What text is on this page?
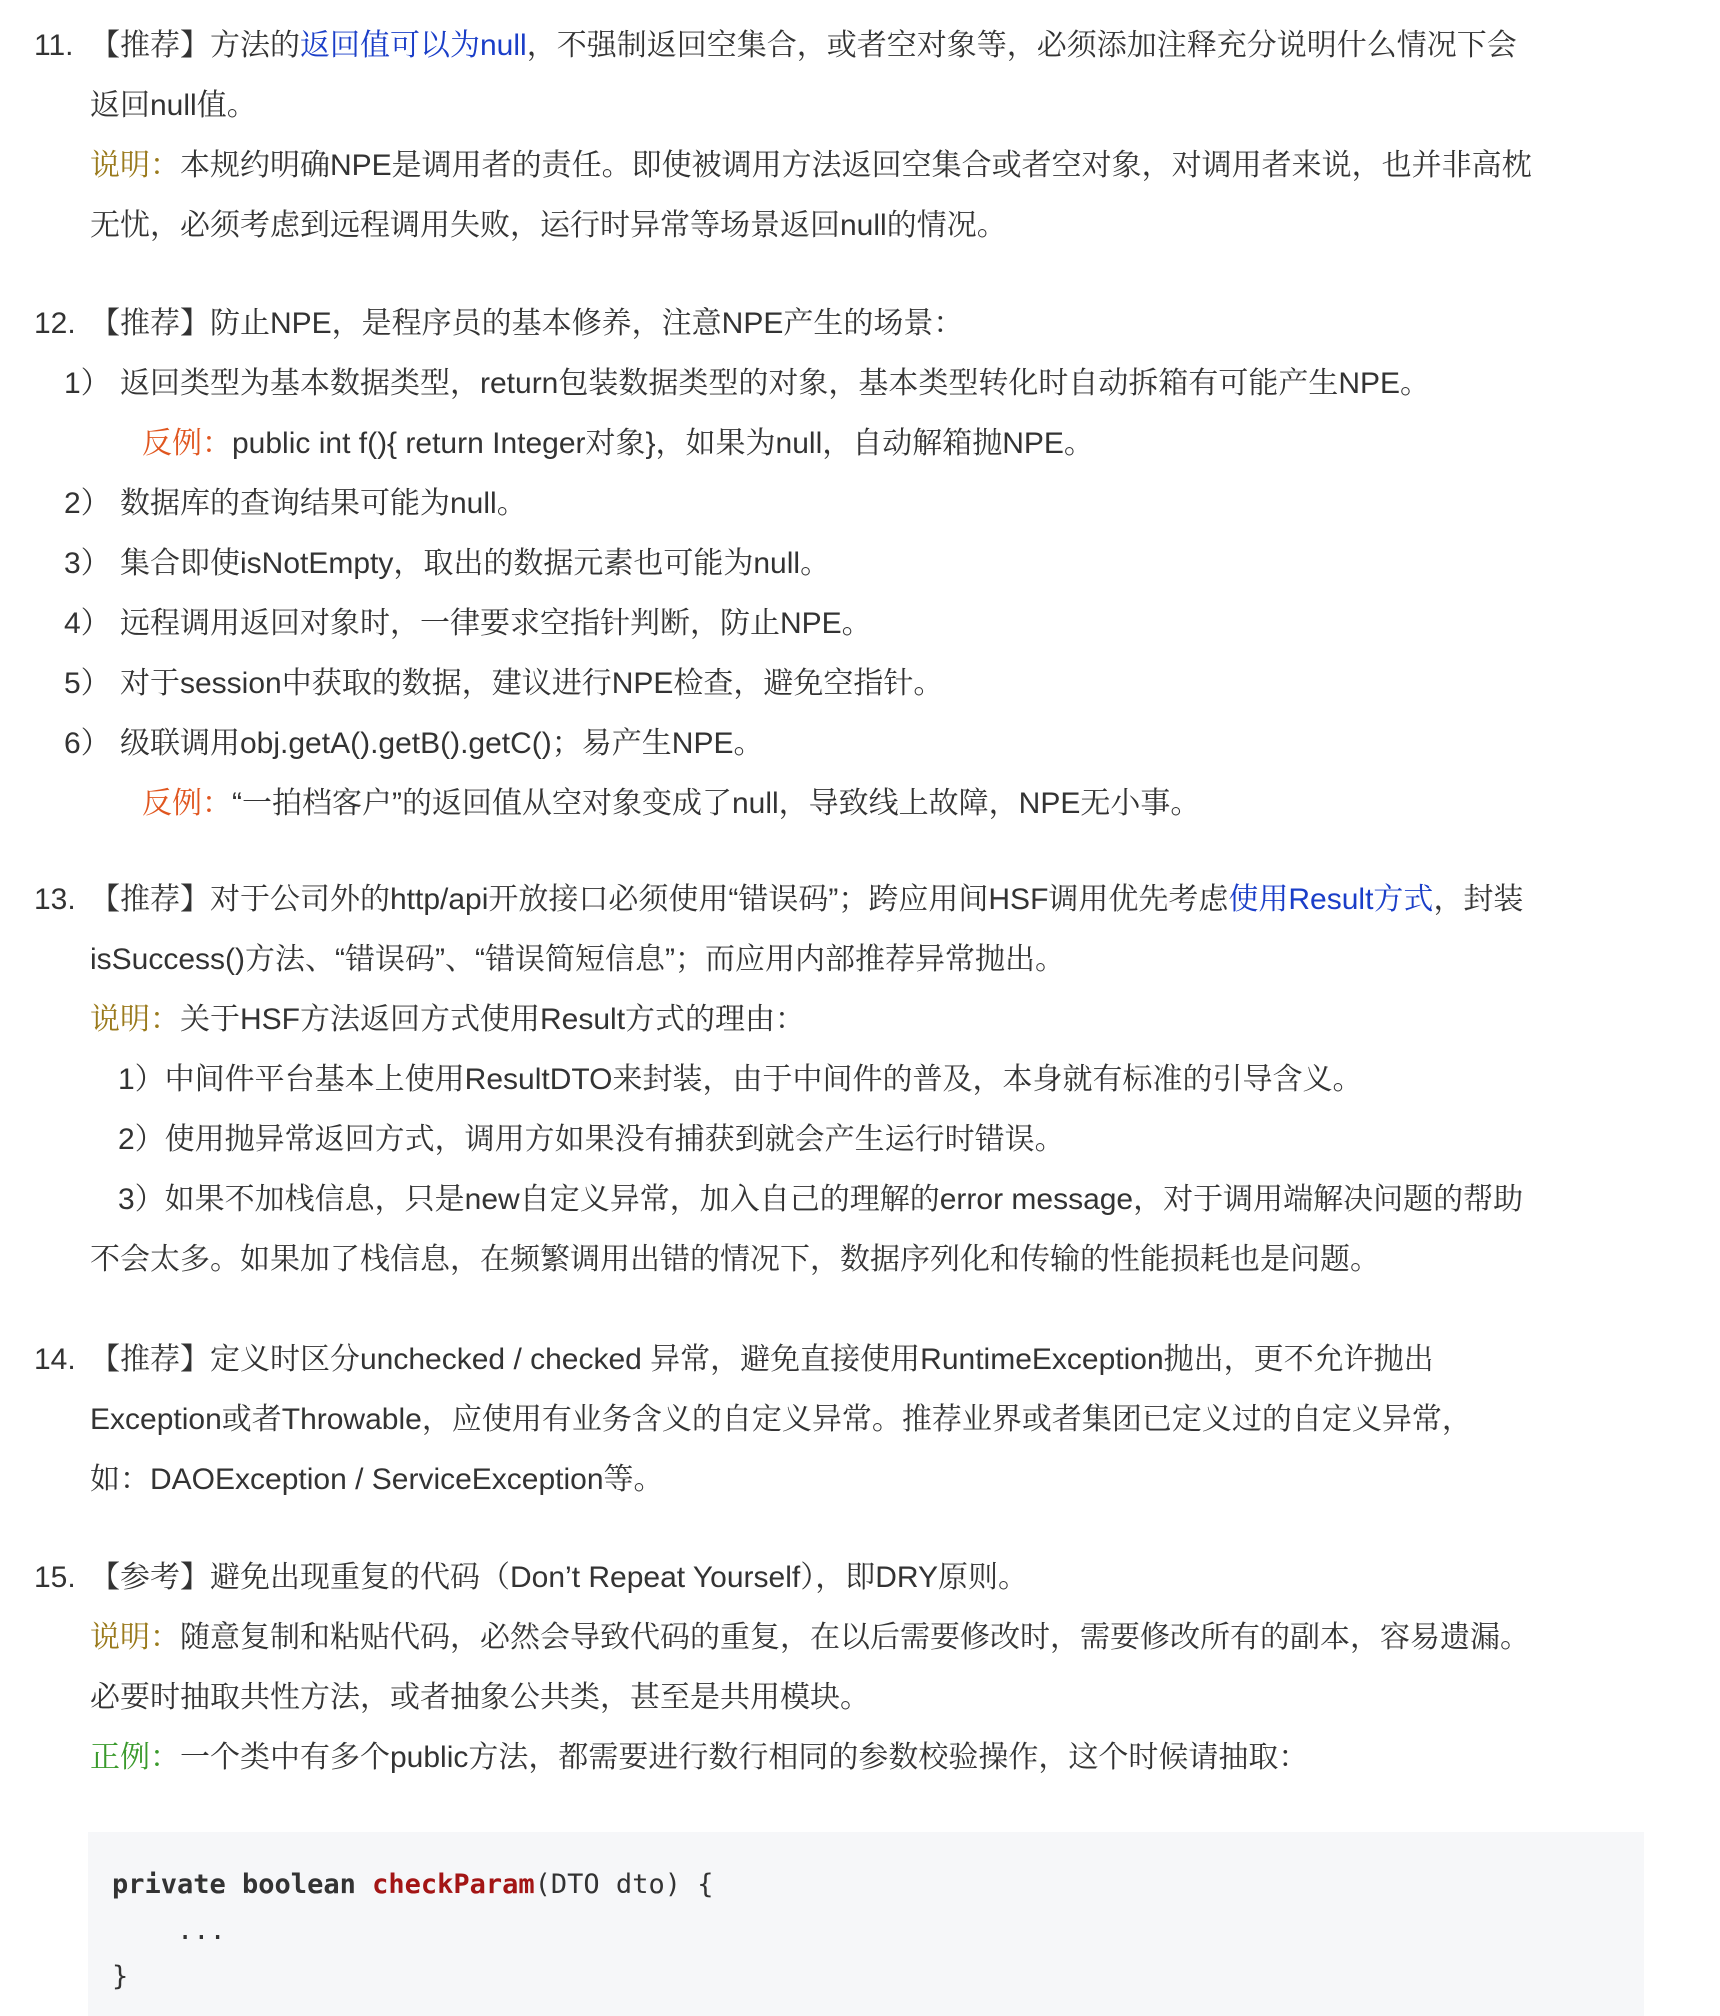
11. 【推荐】方法的返回值可以为null，不强制返回空集合，或者空对象等，必须添加注释充分说明什么情况下会
返回null值。
说明：本规约明确NPE是调用者的责任。即使被调用方法返回空集合或者空对象，对调用者来说，也并非高枕
无忧，必须考虑到远程调用失败，运行时异常等场景返回null的情况。
12. 【推荐】防止NPE，是程序员的基本修养，注意NPE产生的场景：
1） 返回类型为基本数据类型，return包装数据类型的对象，基本类型转化时自动拆箱有可能产生NPE。
反例：public int f(){ return Integer对象}，如果为null，自动解箱抛NPE。
2） 数据库的查询结果可能为null。
3） 集合即使isNotEmpty，取出的数据元素也可能为null。
4） 远程调用返回对象时，一律要求空指针判断，防止NPE。
5） 对于session中获取的数据，建议进行NPE检查，避免空指针。
6） 级联调用obj.getA().getB().getC()；易产生NPE。
反例：“一拍档客户”的返回值从空对象变成了null，导致线上故障，NPE无小事。
13. 【推荐】对于公司外的http/api开放接口必须使用“错误码”；跨应用间HSF调用优先考虑使用Result方式，封装
isSuccess()方法、“错误码”、“错误简短信息”；而应用内部推荐异常抛出。
说明：关于HSF方法返回方式使用Result方式的理由：
1）中间件平台基本上使用ResultDTO来封装，由于中间件的普及，本身就有标准的引导含义。
2）使用抛异常返回方式，调用方如果没有捕获到就会产生运行时错误。
3）如果不加栈信息，只是new自定义异常，加入自己的理解的error message，对于调用端解决问题的帮助
不会太多。如果加了栈信息，在频繁调用出错的情况下，数据序列化和传输的性能损耗也是问题。
14. 【推荐】定义时区分unchecked / checked 异常，避免直接使用RuntimeException抛出，更不允许抛出
Exception或者Throwable，应使用有业务含义的自定义异常。推荐业界或者集团已定义过的自定义异常，
如：DAOException / ServiceException等。
15. 【参考】避免出现重复的代码（Don’t Repeat Yourself），即DRY原则。
说明：随意复制和粘贴代码，必然会导致代码的重复，在以后需要修改时，需要修改所有的副本，容易遗漏。
必要时抽取共性方法，或者抽象公共类，甚至是共用模块。
正例：一个类中有多个public方法，都需要进行数行相同的参数校验操作，这个时候请抽取：
private boolean checkParam(DTO dto) {
...
}
